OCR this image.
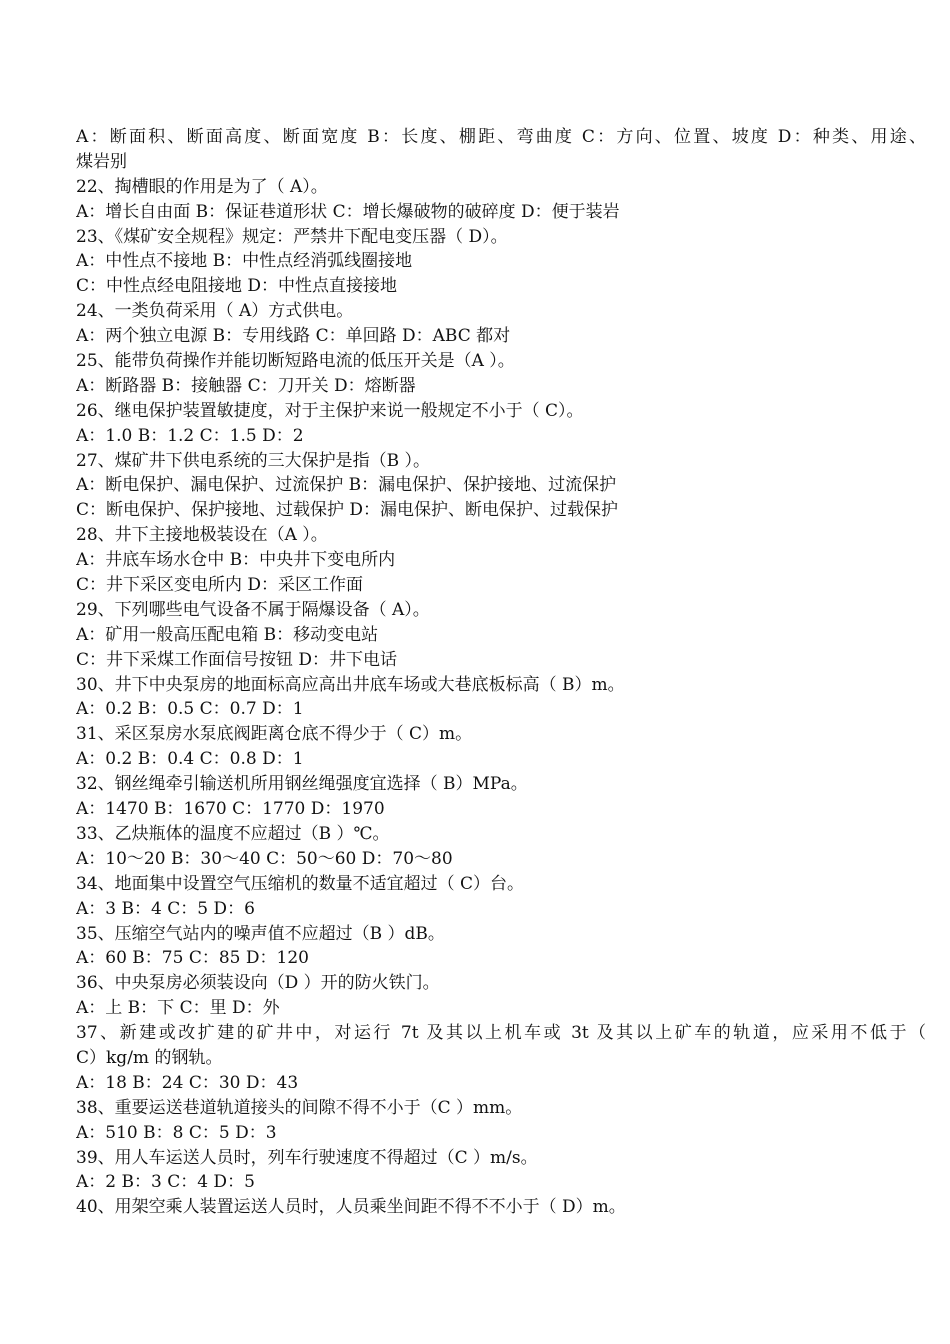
A：断面积、断面高度、断面宽度 B：长度、棚距、弯曲度 C：方向、位置、坡度 D：种类、用途、
煤岩别
22、掏槽眼的作用是为了（ A）。
A：增长自由面 B：保证巷道形状 C：增长爆破物的破碎度 D：便于装岩
23、《煤矿安全规程》规定：严禁井下配电变压器（ D）。
A：中性点不接地 B：中性点经消弧线圈接地
C：中性点经电阻接地 D：中性点直接接地
24、一类负荷采用（ A）方式供电。
A：两个独立电源 B：专用线路 C：单回路 D：ABC 都对
25、能带负荷操作并能切断短路电流的低压开关是（A ）。
A：断路器 B：接触器 C：刀开关 D：熔断器
26、继电保护装置敏捷度，对于主保护来说一般规定不小于（ C）。
A：1.0 B：1.2 C：1.5 D：2
27、煤矿井下供电系统的三大保护是指（B ）。
A：断电保护、漏电保护、过流保护 B：漏电保护、保护接地、过流保护
C：断电保护、保护接地、过载保护 D：漏电保护、断电保护、过载保护
28、井下主接地极装设在（A ）。
A：井底车场水仓中 B：中央井下变电所内
C：井下采区变电所内 D：采区工作面
29、下列哪些电气设备不属于隔爆设备（ A）。
A：矿用一般高压配电箱 B：移动变电站
C：井下采煤工作面信号按钮 D：井下电话
30、井下中央泵房的地面标高应高出井底车场或大巷底板标高（ B）m。
A：0.2 B：0.5 C：0.7 D：1
31、采区泵房水泵底阀距离仓底不得少于（ C）m。
A：0.2 B：0.4 C：0.8 D：1
32、钢丝绳牵引输送机所用钢丝绳强度宜选择（ B）MPa。
A：1470 B：1670 C：1770 D：1970
33、乙炔瓶体的温度不应超过（B ）℃。
A：10～20 B：30～40 C：50～60 D：70～80
34、地面集中设置空气压缩机的数量不适宜超过（ C）台。
A：3 B：4 C：5 D：6
35、压缩空气站内的噪声值不应超过（B ）dB。
A：60 B：75 C：85 D：120
36、中央泵房必须装设向（D ）开的防火铁门。
A：上 B：下 C：里 D：外
37、新建或改扩建的矿井中，对运行 7t 及其以上机车或 3t 及其以上矿车的轨道，应采用不低于（
C）kg/m 的钢轨。
A：18 B：24 C：30 D：43
38、重要运送巷道轨道接头的间隙不得不小于（C ）mm。
A：510 B：8 C：5 D：3
39、用人车运送人员时，列车行驶速度不得超过（C ）m/s。
A：2 B：3 C：4 D：5
40、用架空乘人装置运送人员时，人员乘坐间距不得不不小于（ D）m。
